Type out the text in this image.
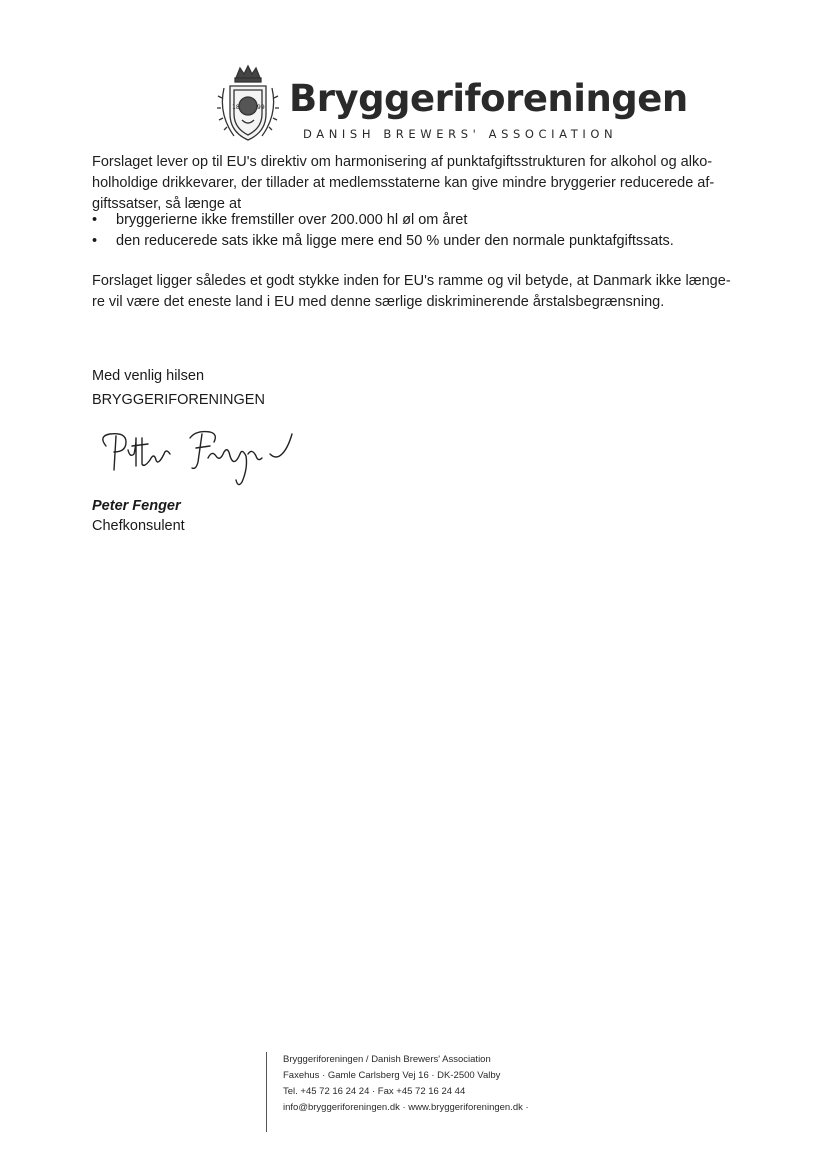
18	99 Bryggeriforeningen
DANISH BREWERS' ASSOCIATION
Forslaget lever op til EU's direktiv om harmonisering af punktafgiftsstrukturen for alkohol og alko-
holholdige drikkevarer, der tillader at medlemsstaterne kan give mindre bryggerier reducerede af-
giftssatser, så længe at
• bryggerierne ikke fremstiller over 200.000 hl øl om året
• den reducerede sats ikke må ligge mere end 50 % under den normale punktafgiftssats.
Forslaget ligger således et godt stykke inden for EU's ramme og vil betyde, at Danmark ikke længe-
re vil være det eneste land i EU med denne særlige diskriminerende årstalsbegrænsning.
Med venlig hilsen
BRYGGERIFORENINGEN
Peter Fenger
Chefkonsulent
Bryggeriforeningen / Danish Brewers' Association
Faxehus · Gamle Carlsberg Vej 16 · DK-2500 Valby
Tel. +45 72 16 24 24 · Fax +45 72 16 24 44
info@bryggeriforeningen.dk · www.bryggeriforeningen.dk ·
